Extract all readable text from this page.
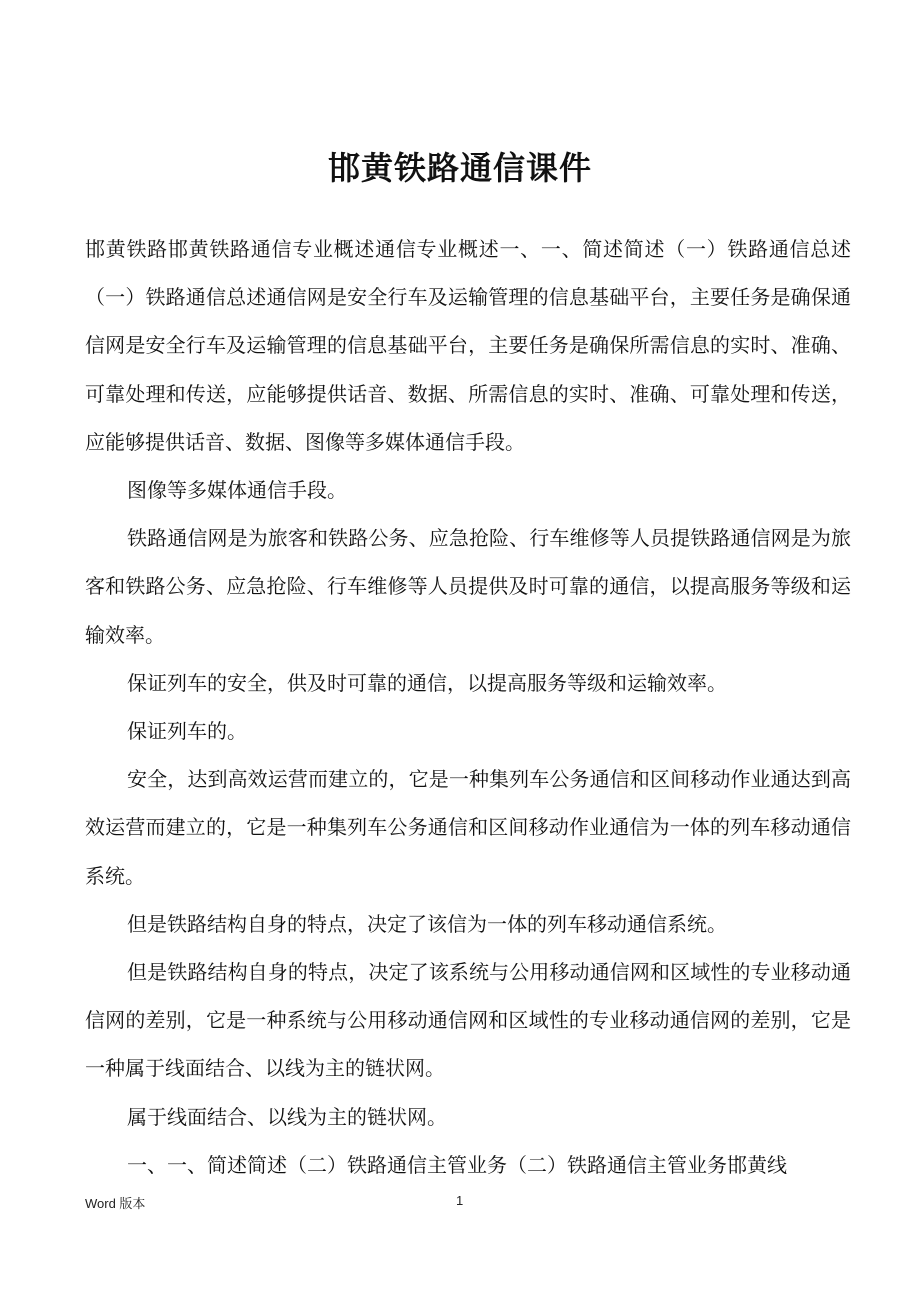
邯黄铁路通信课件

邯黄铁路邯黄铁路通信专业概述通信专业概述一、一、简述简述（一）铁路通信总述（一）铁路通信总述通信网是安全行车及运输管理的信息基础平台，主要任务是确保通信网是安全行车及运输管理的信息基础平台，主要任务是确保所需信息的实时、准确、可靠处理和传送，应能够提供话音、数据、所需信息的实时、准确、可靠处理和传送，应能够提供话音、数据、图像等多媒体通信手段。

图像等多媒体通信手段。

铁路通信网是为旅客和铁路公务、应急抢险、行车维修等人员提铁路通信网是为旅客和铁路公务、应急抢险、行车维修等人员提供及时可靠的通信，以提高服务等级和运输效率。

保证列车的安全，供及时可靠的通信，以提高服务等级和运输效率。

保证列车的。

安全，达到高效运营而建立的，它是一种集列车公务通信和区间移动作业通达到高效运营而建立的，它是一种集列车公务通信和区间移动作业通信为一体的列车移动通信系统。

但是铁路结构自身的特点，决定了该信为一体的列车移动通信系统。

但是铁路结构自身的特点，决定了该系统与公用移动通信网和区域性的专业移动通信网的差别，它是一种系统与公用移动通信网和区域性的专业移动通信网的差别，它是一种属于线面结合、以线为主的链状网。

属于线面结合、以线为主的链状网。

一、一、简述简述（二）铁路通信主管业务（二）铁路通信主管业务邯黄线

Word 版本	1
